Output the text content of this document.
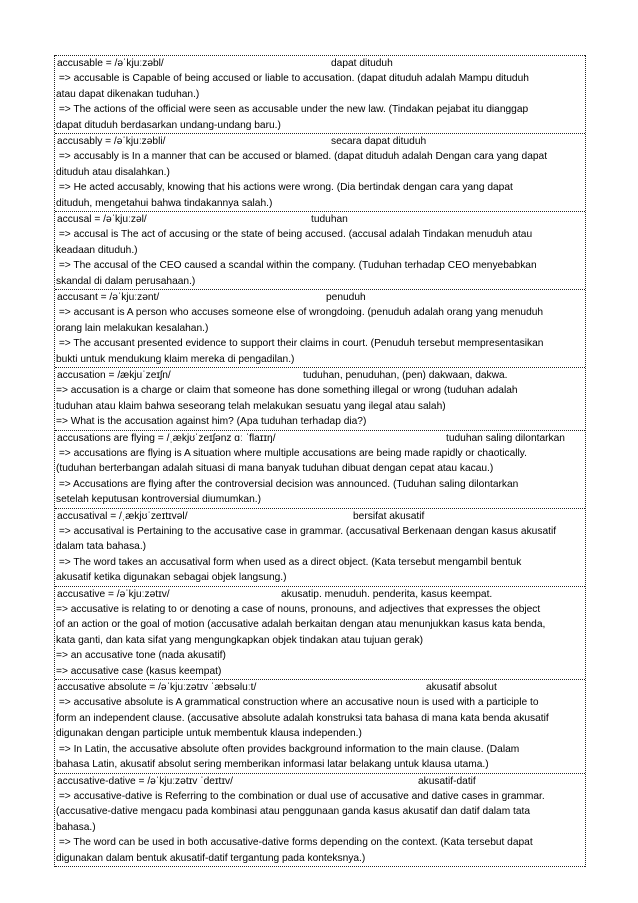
accusable = /əˈkjuːzəbl/	dapat dituduh
=> accusable is Capable of being accused or liable to accusation. (dapat dituduh adalah Mampu dituduh
atau dapat dikenakan tuduhan.)
=> The actions of the official were seen as accusable under the new law. (Tindakan pejabat itu dianggap
dapat dituduh berdasarkan undang-undang baru.)
accusably = /əˈkjuːzəbli/	secara dapat dituduh
=> accusably is In a manner that can be accused or blamed. (dapat dituduh adalah Dengan cara yang dapat
dituduh atau disalahkan.)
=> He acted accusably, knowing that his actions were wrong. (Dia bertindak dengan cara yang dapat
dituduh, mengetahui bahwa tindakannya salah.)
accusal = /əˈkjuːzəl/	tuduhan
=> accusal is The act of accusing or the state of being accused. (accusal adalah Tindakan menuduh atau
keadaan dituduh.)
=> The accusal of the CEO caused a scandal within the company. (Tuduhan terhadap CEO menyebabkan
skandal di dalam perusahaan.)
accusant = /əˈkjuːzənt/	penuduh
=> accusant is A person who accuses someone else of wrongdoing. (penuduh adalah orang yang menuduh
orang lain melakukan kesalahan.)
=> The accusant presented evidence to support their claims in court. (Penuduh tersebut mempresentasikan
bukti untuk mendukung klaim mereka di pengadilan.)
accusation = /ækjuˈzeɪʃn/	tuduhan, penuduhan, (pen) dakwaan, dakwa.
=> accusation is a charge or claim that someone has done something illegal or wrong (tuduhan adalah
tuduhan atau klaim bahwa seseorang telah melakukan sesuatu yang ilegal atau salah)
=> What is the accusation against him? (Apa tuduhan terhadap dia?)
accusations are flying = /ˌækjʊˈzeɪʃənz ɑː ˈflaɪɪŋ/	tuduhan saling dilontarkan
=> accusations are flying is A situation where multiple accusations are being made rapidly or chaotically.
(tuduhan berterbangan adalah situasi di mana banyak tuduhan dibuat dengan cepat atau kacau.)
=> Accusations are flying after the controversial decision was announced. (Tuduhan saling dilontarkan
setelah keputusan kontroversial diumumkan.)
accusatival = /ˌækjʊˈzeɪtɪvəl/	bersifat akusatif
=> accusatival is Pertaining to the accusative case in grammar. (accusatival Berkenaan dengan kasus akusatif
dalam tata bahasa.)
=> The word takes an accusatival form when used as a direct object. (Kata tersebut mengambil bentuk
akusatif ketika digunakan sebagai objek langsung.)
accusative = /əˈkjuːzətɪv/	akusatip. menuduh. penderita, kasus keempat.
=> accusative is relating to or denoting a case of nouns, pronouns, and adjectives that expresses the object
of an action or the goal of motion (accusative adalah berkaitan dengan atau menunjukkan kasus kata benda,
kata ganti, dan kata sifat yang mengungkapkan objek tindakan atau tujuan gerak)
=> an accusative tone (nada akusatif)
=> accusative case (kasus keempat)
accusative absolute = /əˈkjuːzətɪv ˈæbsəluːt/	akusatif absolut
=> accusative absolute is A grammatical construction where an accusative noun is used with a participle to
form an independent clause. (accusative absolute adalah konstruksi tata bahasa di mana kata benda akusatif
digunakan dengan participle untuk membentuk klausa independen.)
=> In Latin, the accusative absolute often provides background information to the main clause. (Dalam
bahasa Latin, akusatif absolut sering memberikan informasi latar belakang untuk klausa utama.)
accusative-dative = /əˈkjuːzətɪv ˈdeɪtɪv/	akusatif-datif
=> accusative-dative is Referring to the combination or dual use of accusative and dative cases in grammar.
(accusative-dative mengacu pada kombinasi atau penggunaan ganda kasus akusatif dan datif dalam tata
bahasa.)
=> The word can be used in both accusative-dative forms depending on the context. (Kata tersebut dapat
digunakan dalam bentuk akusatif-datif tergantung pada konteksnya.)
